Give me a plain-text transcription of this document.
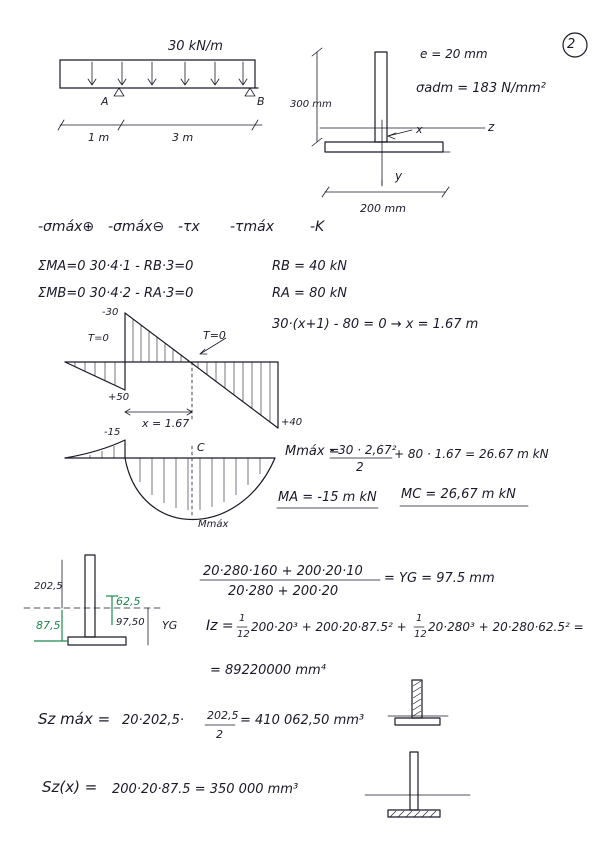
2
30 kN/m
A	B
1 m	3 m
e = 20 mm
σadm = 183 N/mm²
300 mm
200 mm
z
y
x
-σmáx⊕ -σmáx⊖ -τx -τmáx	-K
ΣMA=0 30·4·1 - RB·3=0	RB = 40 kN
ΣMB=0 30·4·2 - RA·3=0	RA = 80 kN
-30
T=0	T=0
30·(x+1) - 80 = 0 → x = 1.67 m
+50
x = 1.67	+40
-15
C
Mmáx
Mmáx =
- 30 · 2,67²
2
+ 80 · 1.67 = 26.67 m kN
MA = -15 m kN MC = 26,67 m kN
202,5
62,5
87,5	97,50 YG
20·280·160 + 200·20·10
20·280 + 200·20
= YG = 97.5 mm
Iz = 1
12
200·20³ + 200·20·87.5² +
1
12
20·280³ + 20·280·62.5² =
= 89220000 mm⁴
Sz máx = 20·202,5· 202,5
2
= 410 062,50 mm³
Sz(x) = 200·20·87.5 = 350 000 mm³
